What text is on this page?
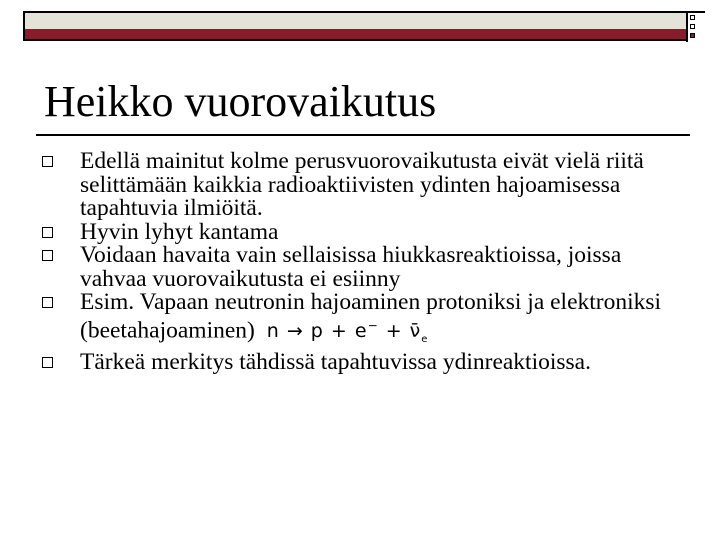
Heikko vuorovaikutus
Edellä mainitut kolme perusvuorovaikutusta eivät vielä riitä selittämään kaikkia radioaktiivisten ydinten hajoamisessa tapahtuvia ilmiöitä.
Hyvin lyhyt kantama
Voidaan havaita vain sellaisissa hiukkasreaktioissa, joissa vahvaa vuorovaikutusta ei esiinny
Esim. Vapaan neutronin hajoaminen protoniksi ja elektroniksi (beetahajoaminen) $n \to p + e^- + \nū_e$
Tärkeä merkitys tähdissä tapahtuvissa ydinreaktioissa.
